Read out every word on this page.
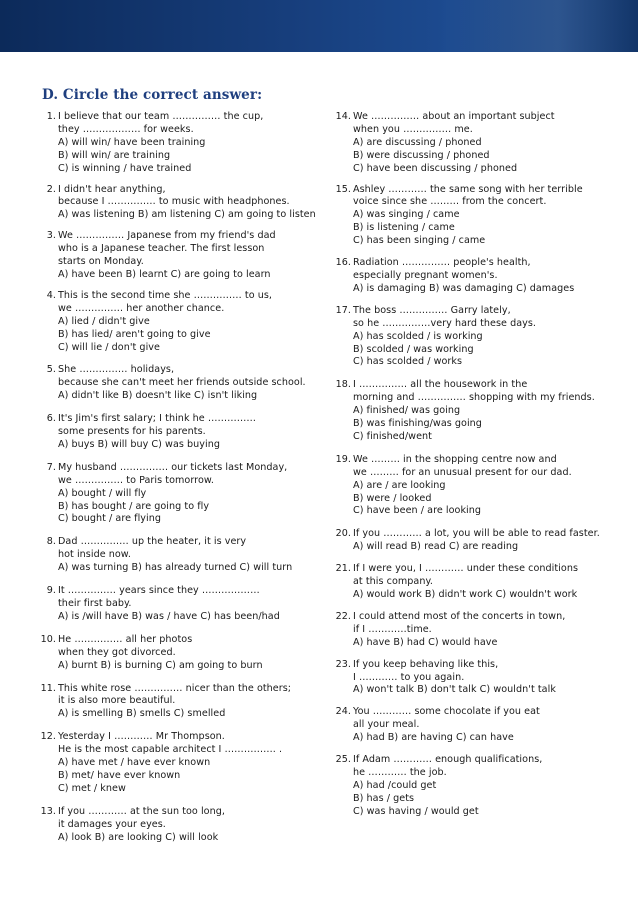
D. Circle the correct answer:
1. I believe that our team …………… the cup,
they ……………… for weeks.
A) will win/ have been training
B) will win/ are training
C) is winning / have trained
2. I didn't hear anything,
because I …………… to music with headphones.
A) was listening B) am listening C) am going to listen
3. We …………… Japanese from my friend's dad
who is a Japanese teacher. The first lesson
starts on Monday.
A) have been B) learnt C) are going to learn
4. This is the second time she …………… to us,
we …………… her another chance.
A) lied / didn't give
B) has lied/ aren't going to give
C) will lie / don't give
5. She …………… holidays,
because she can't meet her friends outside school.
A) didn't like B) doesn't like C) isn't liking
6. It's Jim's first salary; I think he ……………
some presents for his parents.
A) buys B) will buy C) was buying
7. My husband …………… our tickets last Monday,
we …………… to Paris tomorrow.
A) bought / will fly
B) has bought / are going to fly
C) bought / are flying
8. Dad …………… up the heater, it is very
hot inside now.
A) was turning B) has already turned C) will turn
9. It …………… years since they ………………
their first baby.
A) is /will have B) was / have C) has been/had
10. He …………… all her photos
when they got divorced.
A) burnt B) is burning C) am going to burn
11. This white rose …………… nicer than the others;
it is also more beautiful.
A) is smelling B) smells C) smelled
12. Yesterday I ………… Mr Thompson.
He is the most capable architect I ……………. .
A) have met / have ever known
B) met/ have ever known
C) met / knew
13. If you ………… at the sun too long,
it damages your eyes.
A) look B) are looking C) will look
14. We …………… about an important subject
when you …………… me.
A) are discussing / phoned
B) were discussing / phoned
C) have been discussing / phoned
15. Ashley ………… the same song with her terrible
voice since she ……… from the concert.
A) was singing / came
B) is listening / came
C) has been singing / came
16. Radiation …………… people's health,
especially pregnant women's.
A) is damaging B) was damaging C) damages
17. The boss …………… Garry lately,
so he ……………very hard these days.
A) has scolded / is working
B) scolded / was working
C) has scolded / works
18. I …………… all the housework in the
morning and …………… shopping with my friends.
A) finished/ was going
B) was finishing/was going
C) finished/went
19. We ……… in the shopping centre now and
we ……… for an unusual present for our dad.
A) are / are looking
B) were / looked
C) have been / are looking
20. If you ………… a lot, you will be able to read faster.
A) will read B) read C) are reading
21. If I were you, I ………… under these conditions
at this company.
A) would work B) didn't work C) wouldn't work
22. I could attend most of the concerts in town,
if I …………time.
A) have B) had C) would have
23. If you keep behaving like this,
I ………… to you again.
A) won't talk B) don't talk C) wouldn't talk
24. You ………… some chocolate if you eat
all your meal.
A) had B) are having C) can have
25. If Adam ………… enough qualifications,
he ………… the job.
A) had /could get
B) has / gets
C) was having / would get
